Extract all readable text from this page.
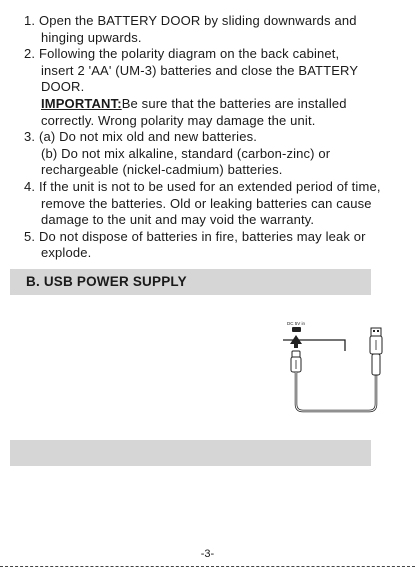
1. Open the BATTERY DOOR by sliding downwards and
hinging upwards.
2. Following the polarity diagram on the back cabinet,
insert 2 'AA' (UM-3) batteries and close the BATTERY
DOOR.
IMPORTANT:Be sure that the batteries are installed
correctly. Wrong polarity may damage the unit.
3. (a) Do not mix old and new batteries.
(b) Do not mix alkaline, standard (carbon-zinc) or
rechargeable (nickel-cadmium) batteries.
4. If the unit is not to be used for an extended period of time,
remove the batteries. Old or leaking batteries can cause
damage to the unit and may void the warranty.
5. Do not dispose of batteries in fire, batteries may leak or
explode.
B. USB POWER SUPPLY
DC 5V in
-3-
